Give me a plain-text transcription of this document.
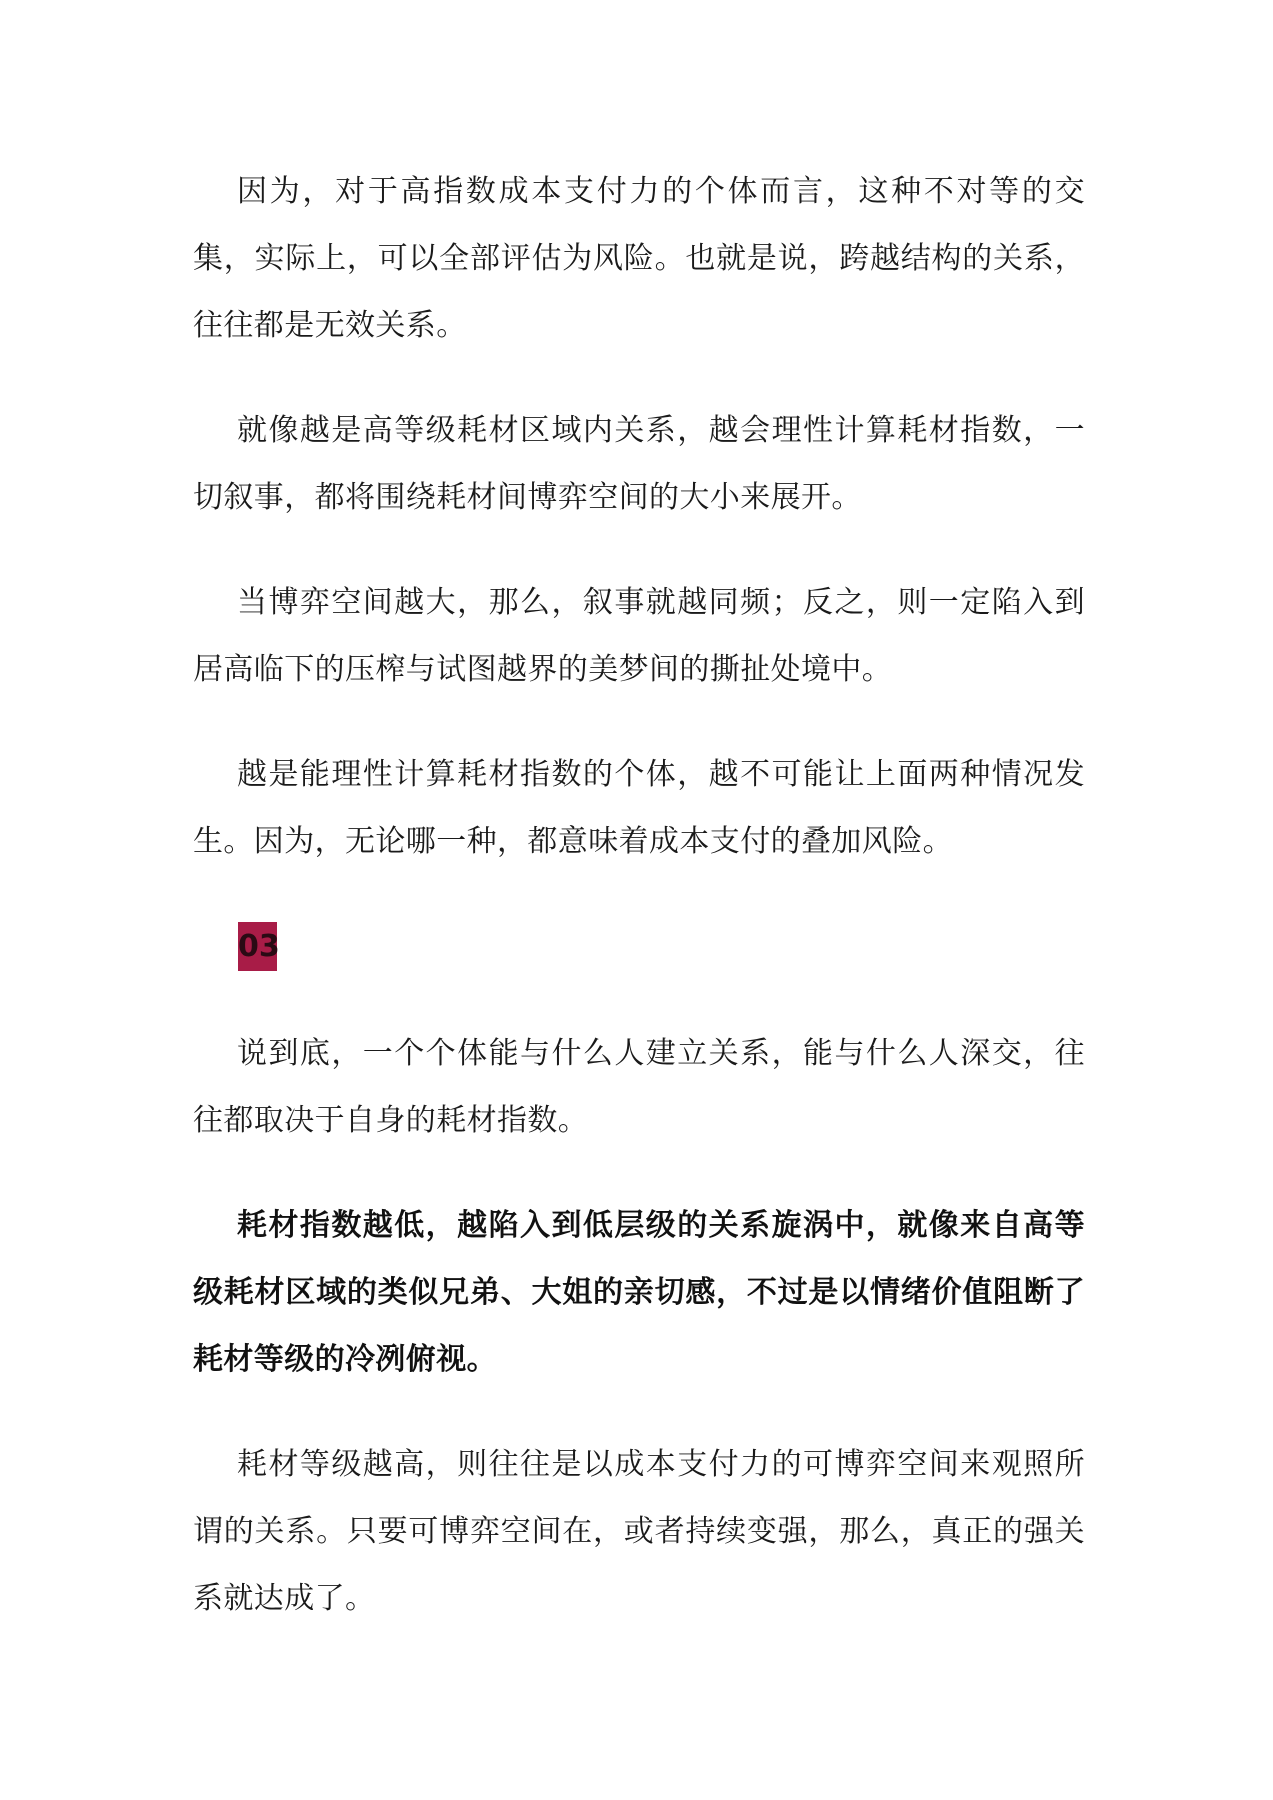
因为，对于高指数成本支付力的个体而言，这种不对等的交集，实际上，可以全部评估为风险。也就是说，跨越结构的关系，往往都是无效关系。

就像越是高等级耗材区域内关系，越会理性计算耗材指数，一切叙事，都将围绕耗材间博弈空间的大小来展开。

当博弈空间越大，那么，叙事就越同频；反之，则一定陷入到居高临下的压榨与试图越界的美梦间的撕扯处境中。

越是能理性计算耗材指数的个体，越不可能让上面两种情况发生。因为，无论哪一种，都意味着成本支付的叠加风险。

03

说到底，一个个体能与什么人建立关系，能与什么人深交，往往都取决于自身的耗材指数。

耗材指数越低，越陷入到低层级的关系旋涡中，就像来自高等级耗材区域的类似兄弟、大姐的亲切感，不过是以情绪价值阻断了耗材等级的冷冽俯视。

耗材等级越高，则往往是以成本支付力的可博弈空间来观照所谓的关系。只要可博弈空间在，或者持续变强，那么，真正的强关系就达成了。
